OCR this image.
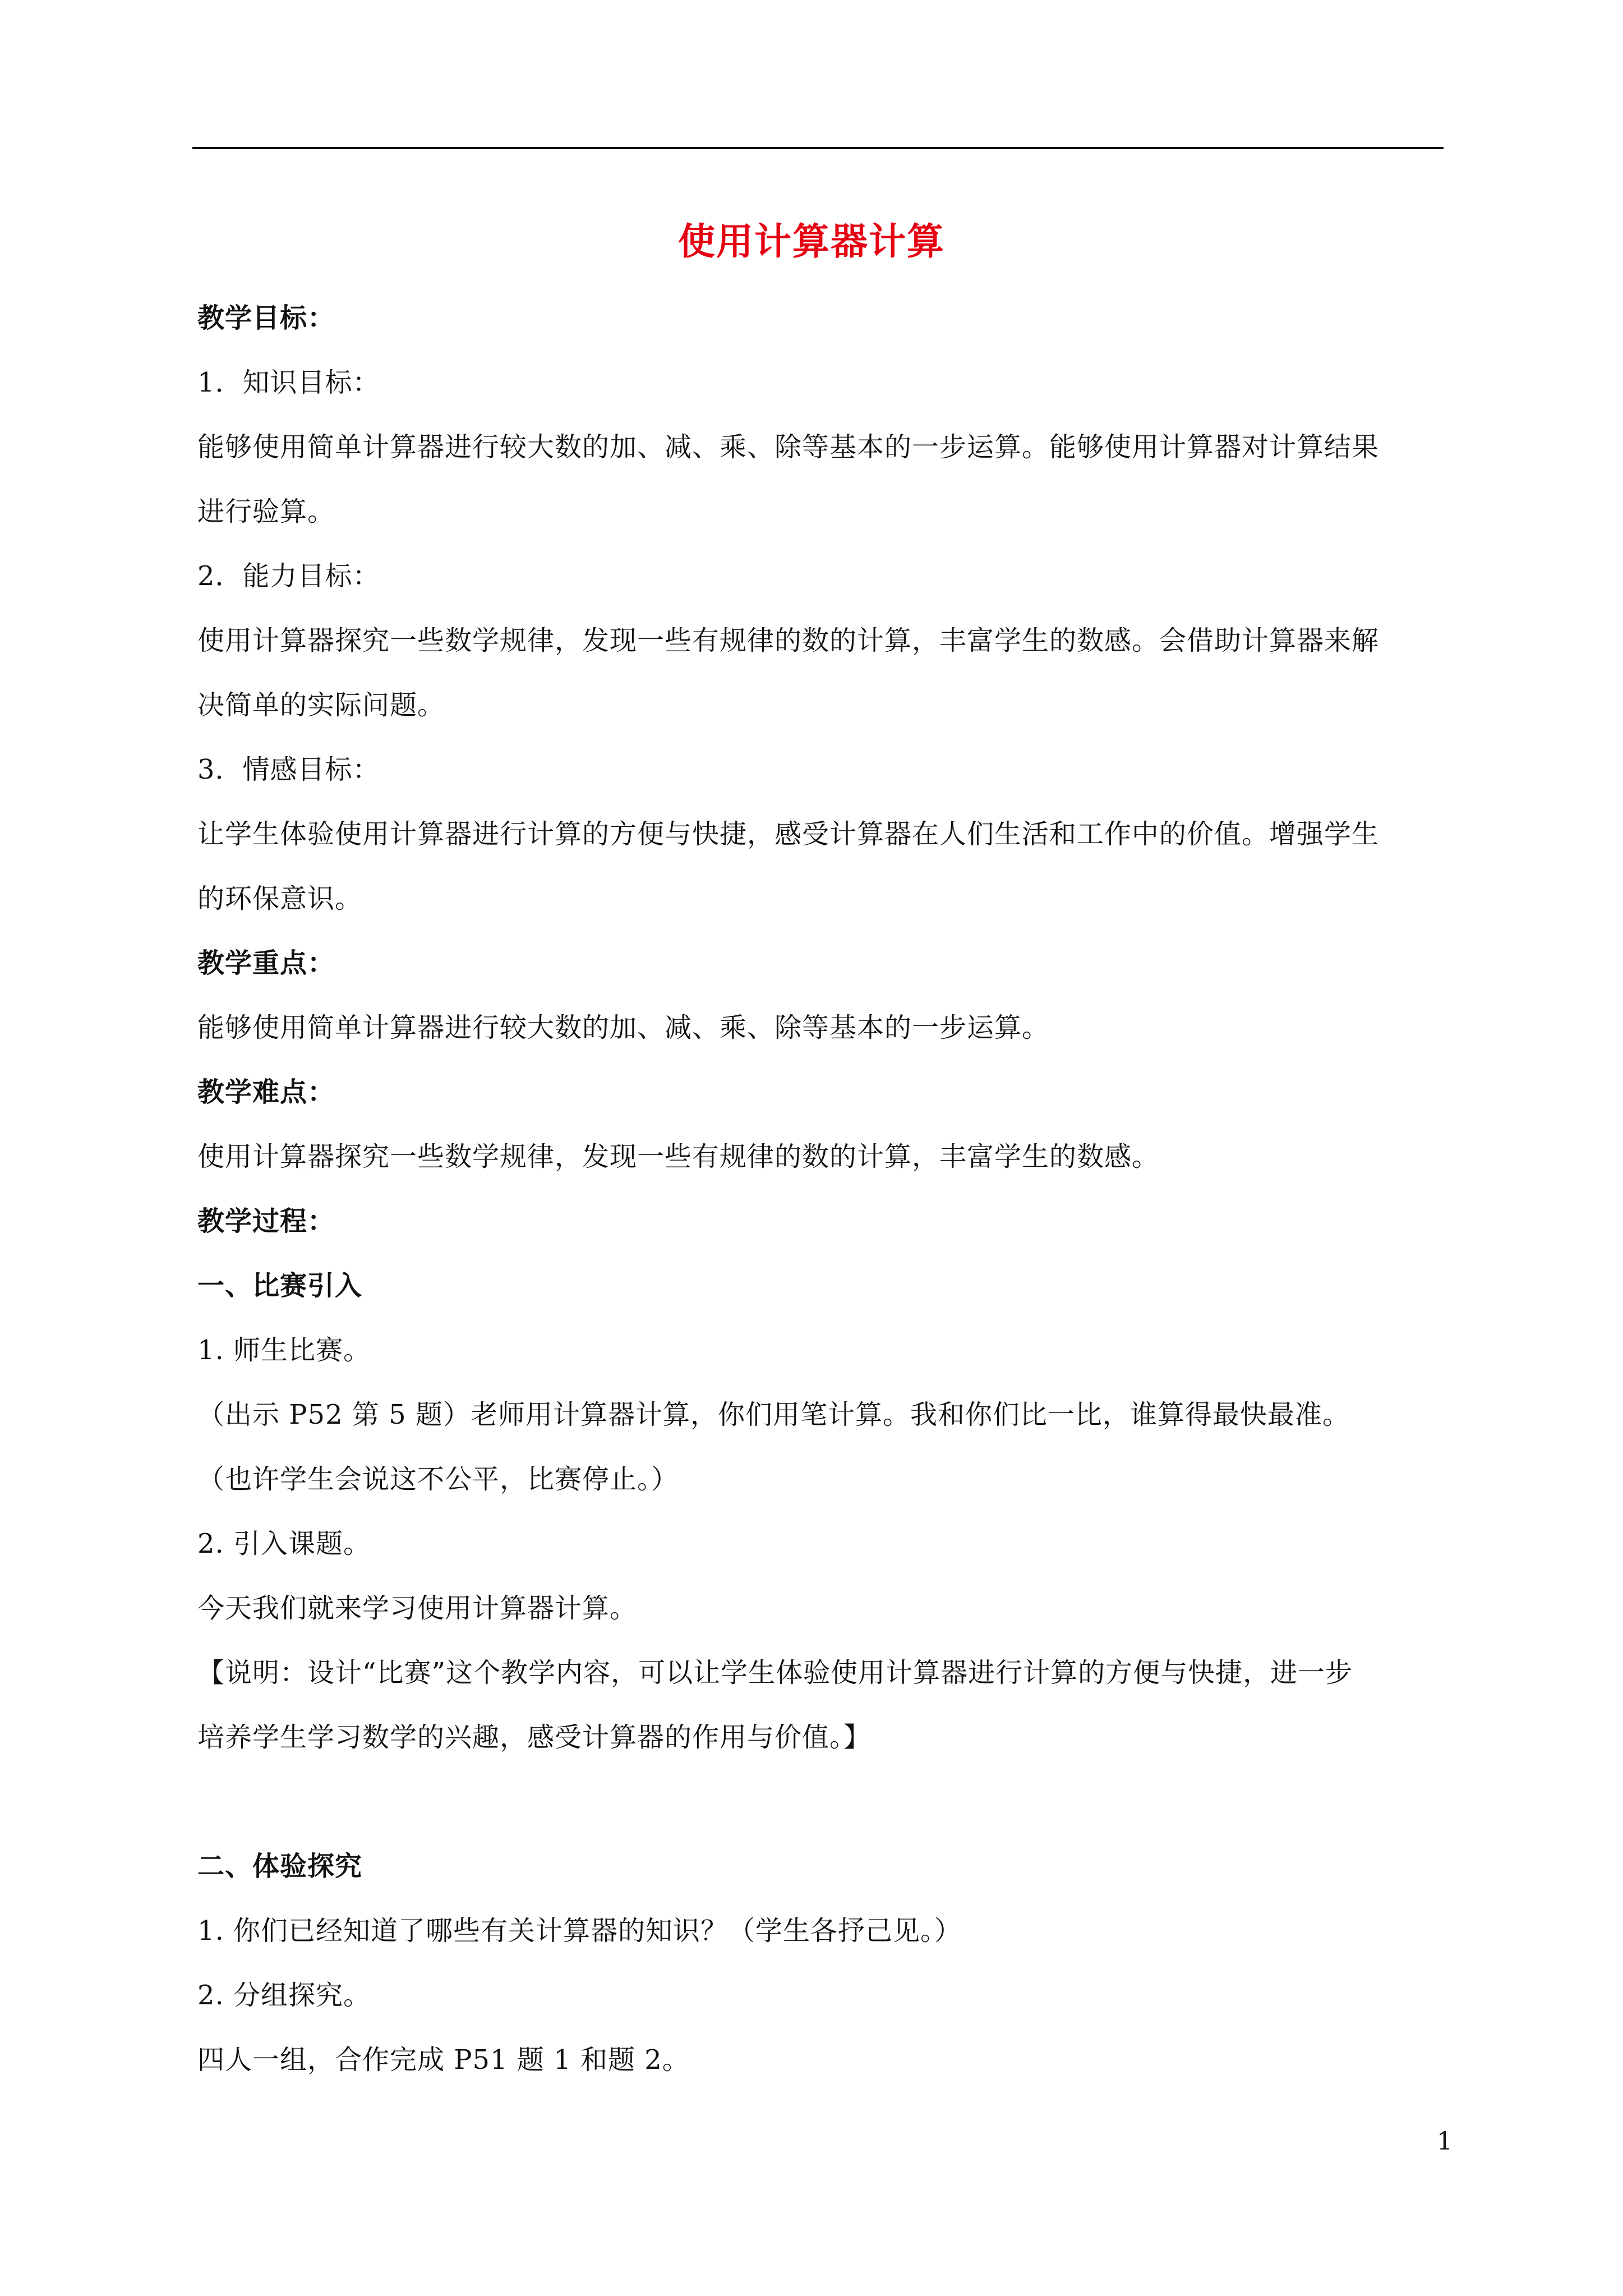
使用计算器计算
教学目标：
1．知识目标：
能够使用简单计算器进行较大数的加、减、乘、除等基本的一步运算。能够使用计算器对计算结果
进行验算。
2．能力目标：
使用计算器探究一些数学规律，发现一些有规律的数的计算，丰富学生的数感。会借助计算器来解
决简单的实际问题。
3．情感目标：
让学生体验使用计算器进行计算的方便与快捷，感受计算器在人们生活和工作中的价值。增强学生
的环保意识。
教学重点：
能够使用简单计算器进行较大数的加、减、乘、除等基本的一步运算。
教学难点：
使用计算器探究一些数学规律，发现一些有规律的数的计算，丰富学生的数感。
教学过程：
一、比赛引入
1. 师生比赛。
（出示 P52 第 5 题）老师用计算器计算，你们用笔计算。我和你们比一比，谁算得最快最准。
（也许学生会说这不公平，比赛停止。）
2. 引入课题。
今天我们就来学习使用计算器计算。
【说明：设计“比赛”这个教学内容，可以让学生体验使用计算器进行计算的方便与快捷，进一步
培养学生学习数学的兴趣，感受计算器的作用与价值。】
二、体验探究
1. 你们已经知道了哪些有关计算器的知识？（学生各抒己见。）
2. 分组探究。
四人一组，合作完成 P51 题 1 和题 2。
1
